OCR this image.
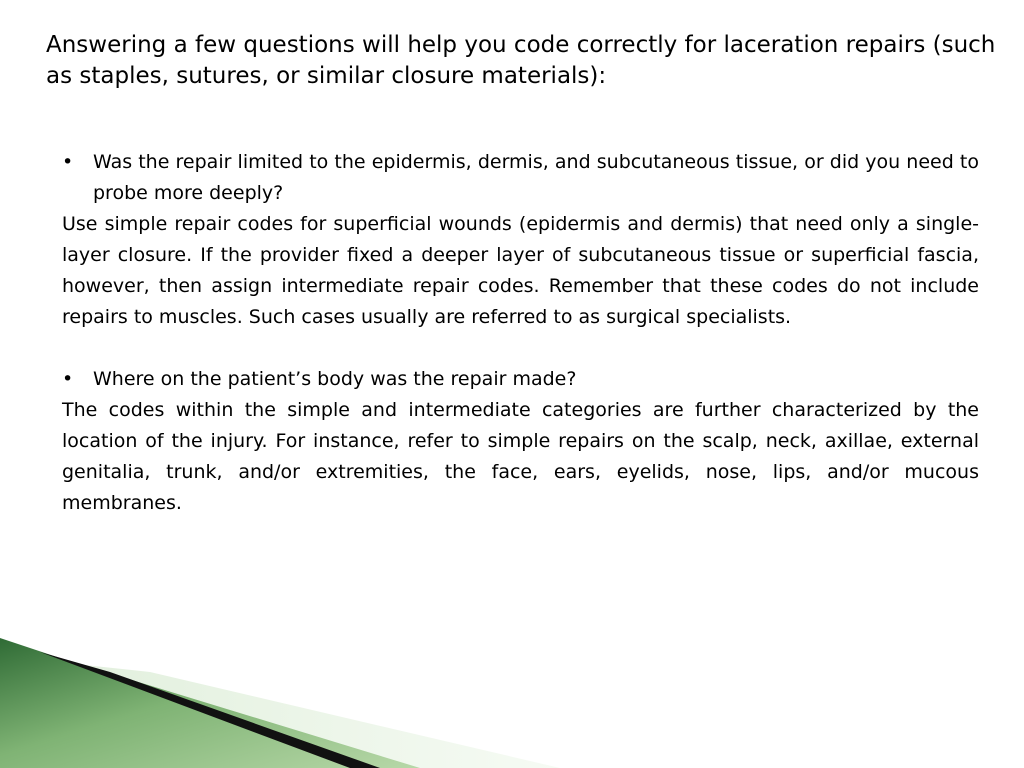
Answering a few questions will help you code correctly for laceration repairs (such as staples, sutures, or similar closure materials):

•	Was the repair limited to the epidermis, dermis, and subcutaneous tissue, or did you need to probe more deeply?

Use simple repair codes for superficial wounds (epidermis and dermis) that need only a single-layer closure. If the provider fixed a deeper layer of subcutaneous tissue or superficial fascia, however, then assign intermediate repair codes. Remember that these codes do not include repairs to muscles. Such cases usually are referred to as surgical specialists.

•	Where on the patient’s body was the repair made?

The codes within the simple and intermediate categories are further characterized by the location of the injury. For instance, refer to simple repairs on the scalp, neck, axillae, external genitalia, trunk, and/or extremities, the face, ears, eyelids, nose, lips, and/or mucous membranes.
